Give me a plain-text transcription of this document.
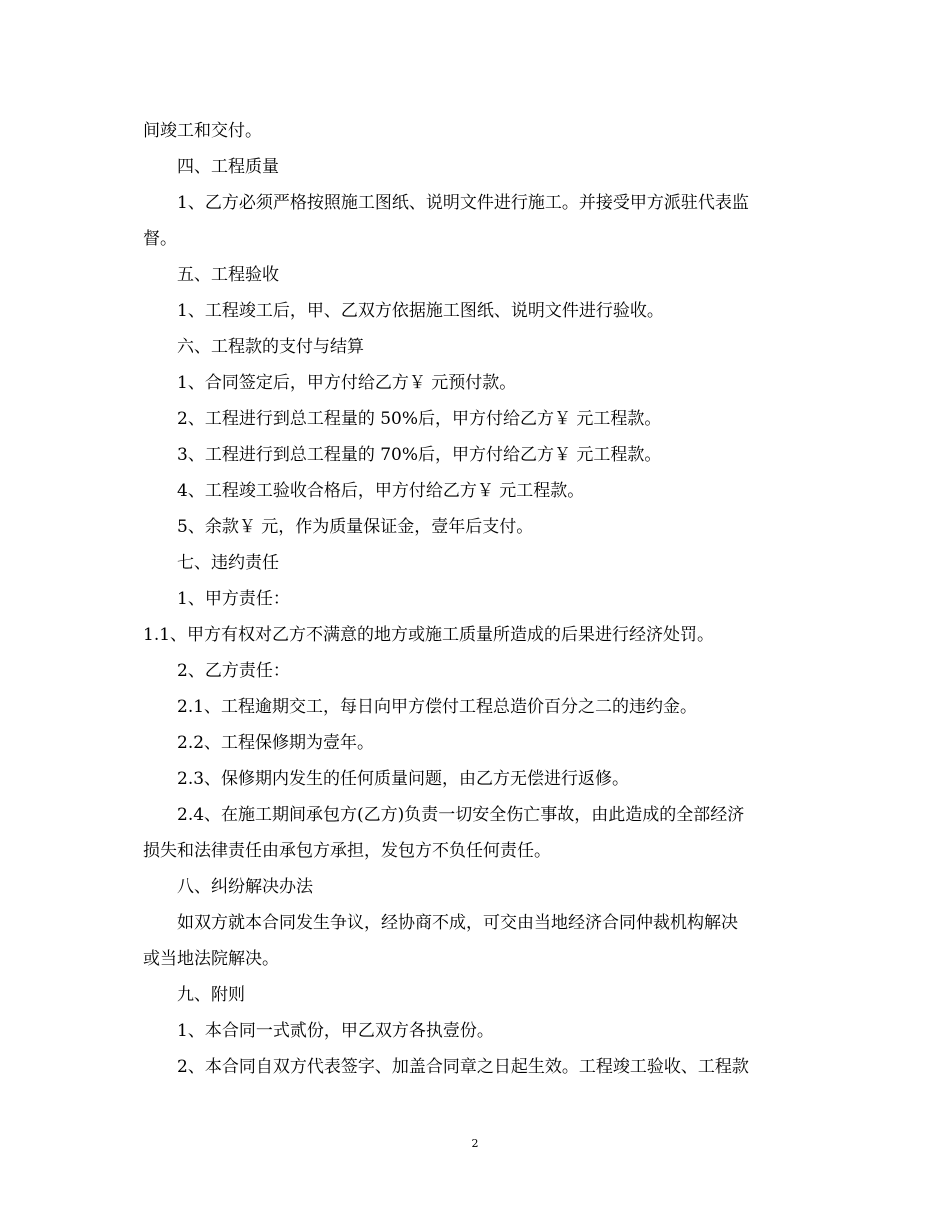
间竣工和交付。
四、工程质量
1、乙方必须严格按照施工图纸、说明文件进行施工。并接受甲方派驻代表监
督。
五、工程验收
1、工程竣工后，甲、乙双方依据施工图纸、说明文件进行验收。
六、工程款的支付与结算
1、合同签定后，甲方付给乙方￥ 元预付款。
2、工程进行到总工程量的 50%后，甲方付给乙方￥ 元工程款。
3、工程进行到总工程量的 70%后，甲方付给乙方￥ 元工程款。
4、工程竣工验收合格后，甲方付给乙方￥ 元工程款。
5、余款￥ 元，作为质量保证金，壹年后支付。
七、违约责任
1、甲方责任：
1.1、甲方有权对乙方不满意的地方或施工质量所造成的后果进行经济处罚。
2、乙方责任：
2.1、工程逾期交工，每日向甲方偿付工程总造价百分之二的违约金。
2.2、工程保修期为壹年。
2.3、保修期内发生的任何质量问题，由乙方无偿进行返修。
2.4、在施工期间承包方(乙方)负责一切安全伤亡事故，由此造成的全部经济
损失和法律责任由承包方承担，发包方不负任何责任。
八、纠纷解决办法
如双方就本合同发生争议，经协商不成，可交由当地经济合同仲裁机构解决
或当地法院解决。
九、附则
1、本合同一式贰份，甲乙双方各执壹份。
2、本合同自双方代表签字、加盖合同章之日起生效。工程竣工验收、工程款
2
